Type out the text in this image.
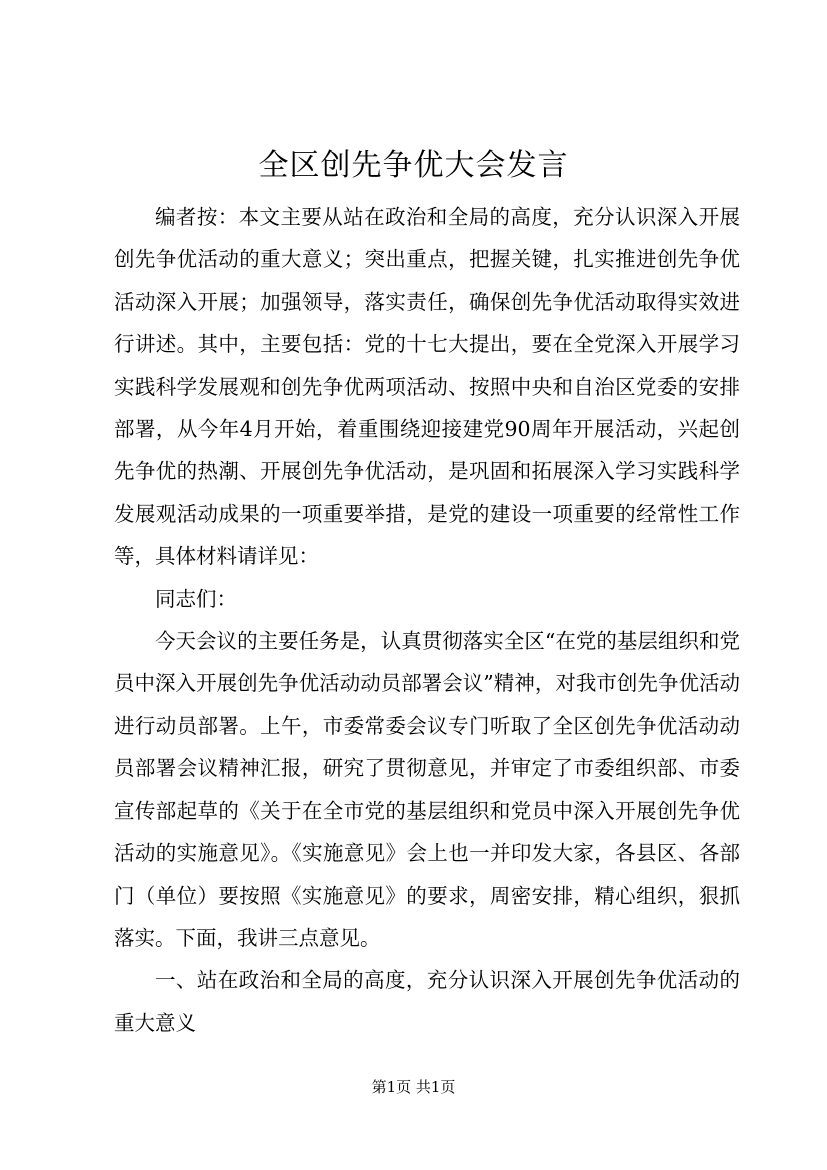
全区创先争优大会发言

编者按：本文主要从站在政治和全局的高度，充分认识深入开展创先争优活动的重大意义；突出重点，把握关键，扎实推进创先争优活动深入开展；加强领导，落实责任，确保创先争优活动取得实效进行讲述。其中，主要包括：党的十七大提出，要在全党深入开展学习实践科学发展观和创先争优两项活动、按照中央和自治区党委的安排部署，从今年4月开始，着重围绕迎接建党90周年开展活动，兴起创先争优的热潮、开展创先争优活动，是巩固和拓展深入学习实践科学发展观活动成果的一项重要举措，是党的建设一项重要的经常性工作等，具体材料请详见：

同志们：

今天会议的主要任务是，认真贯彻落实全区“在党的基层组织和党员中深入开展创先争优活动动员部署会议”精神，对我市创先争优活动进行动员部署。上午，市委常委会议专门听取了全区创先争优活动动员部署会议精神汇报，研究了贯彻意见，并审定了市委组织部、市委宣传部起草的《关于在全市党的基层组织和党员中深入开展创先争优活动的实施意见》。《实施意见》会上也一并印发大家，各县区、各部门（单位）要按照《实施意见》的要求，周密安排，精心组织，狠抓落实。下面，我讲三点意见。

一、站在政治和全局的高度，充分认识深入开展创先争优活动的重大意义

第1页 共1页
